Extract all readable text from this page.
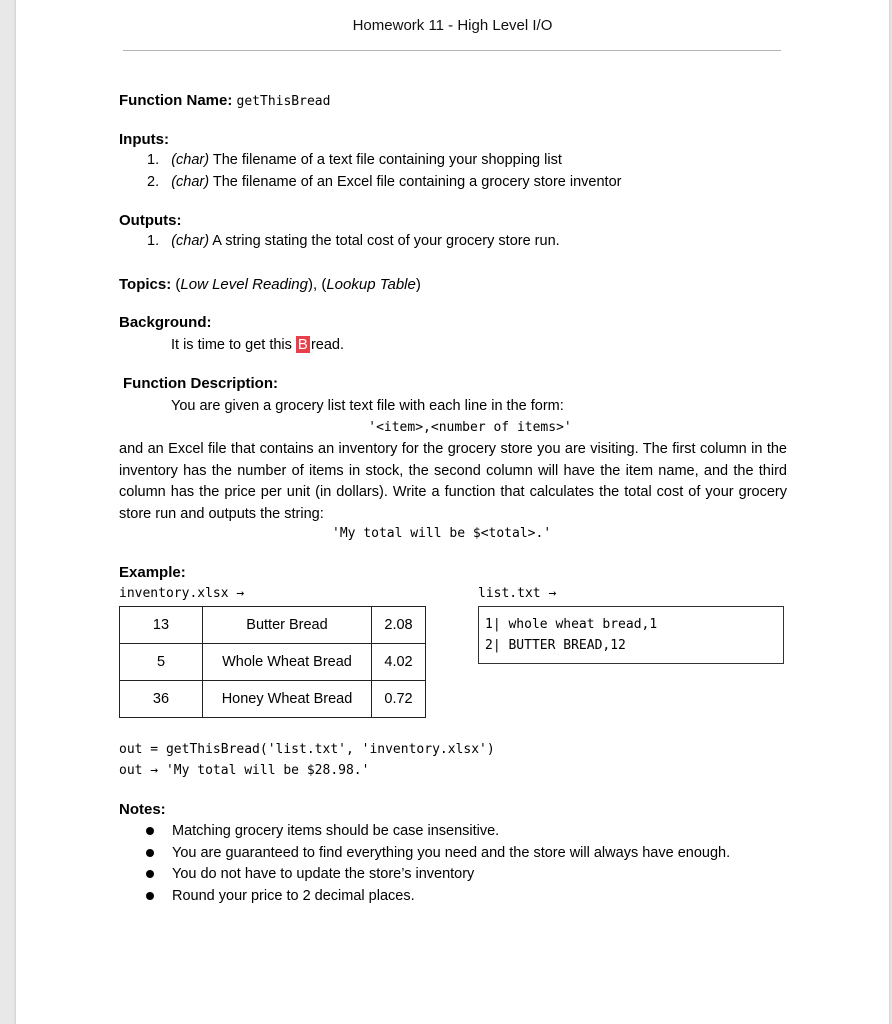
Homework 11 - High Level I/O
Function Name: getThisBread
Inputs:
1. (char) The filename of a text file containing your shopping list
2. (char) The filename of an Excel file containing a grocery store inventor
Outputs:
1. (char) A string stating the total cost of your grocery store run.
Topics: (Low Level Reading), (Lookup Table)
Background:
It is time to get this B read.
Function Description:
You are given a grocery list text file with each line in the form:
'<item>,<number of items>'
and an Excel file that contains an inventory for the grocery store you are visiting. The first column in the inventory has the number of items in stock, the second column will have the item name, and the third column has the price per unit (in dollars). Write a function that calculates the total cost of your grocery store run and outputs the string:
'My total will be $<total>.'
Example:
inventory.xlsx →	list.txt →
13	Butter Bread	2.08
5	Whole Wheat Bread	4.02
36	Honey Wheat Bread	0.72
1| whole wheat bread,1
2| BUTTER BREAD,12
out = getThisBread('list.txt', 'inventory.xlsx')
out → 'My total will be $28.98.'
Notes:
Matching grocery items should be case insensitive.
You are guaranteed to find everything you need and the store will always have enough.
You do not have to update the store’s inventory
Round your price to 2 decimal places.
